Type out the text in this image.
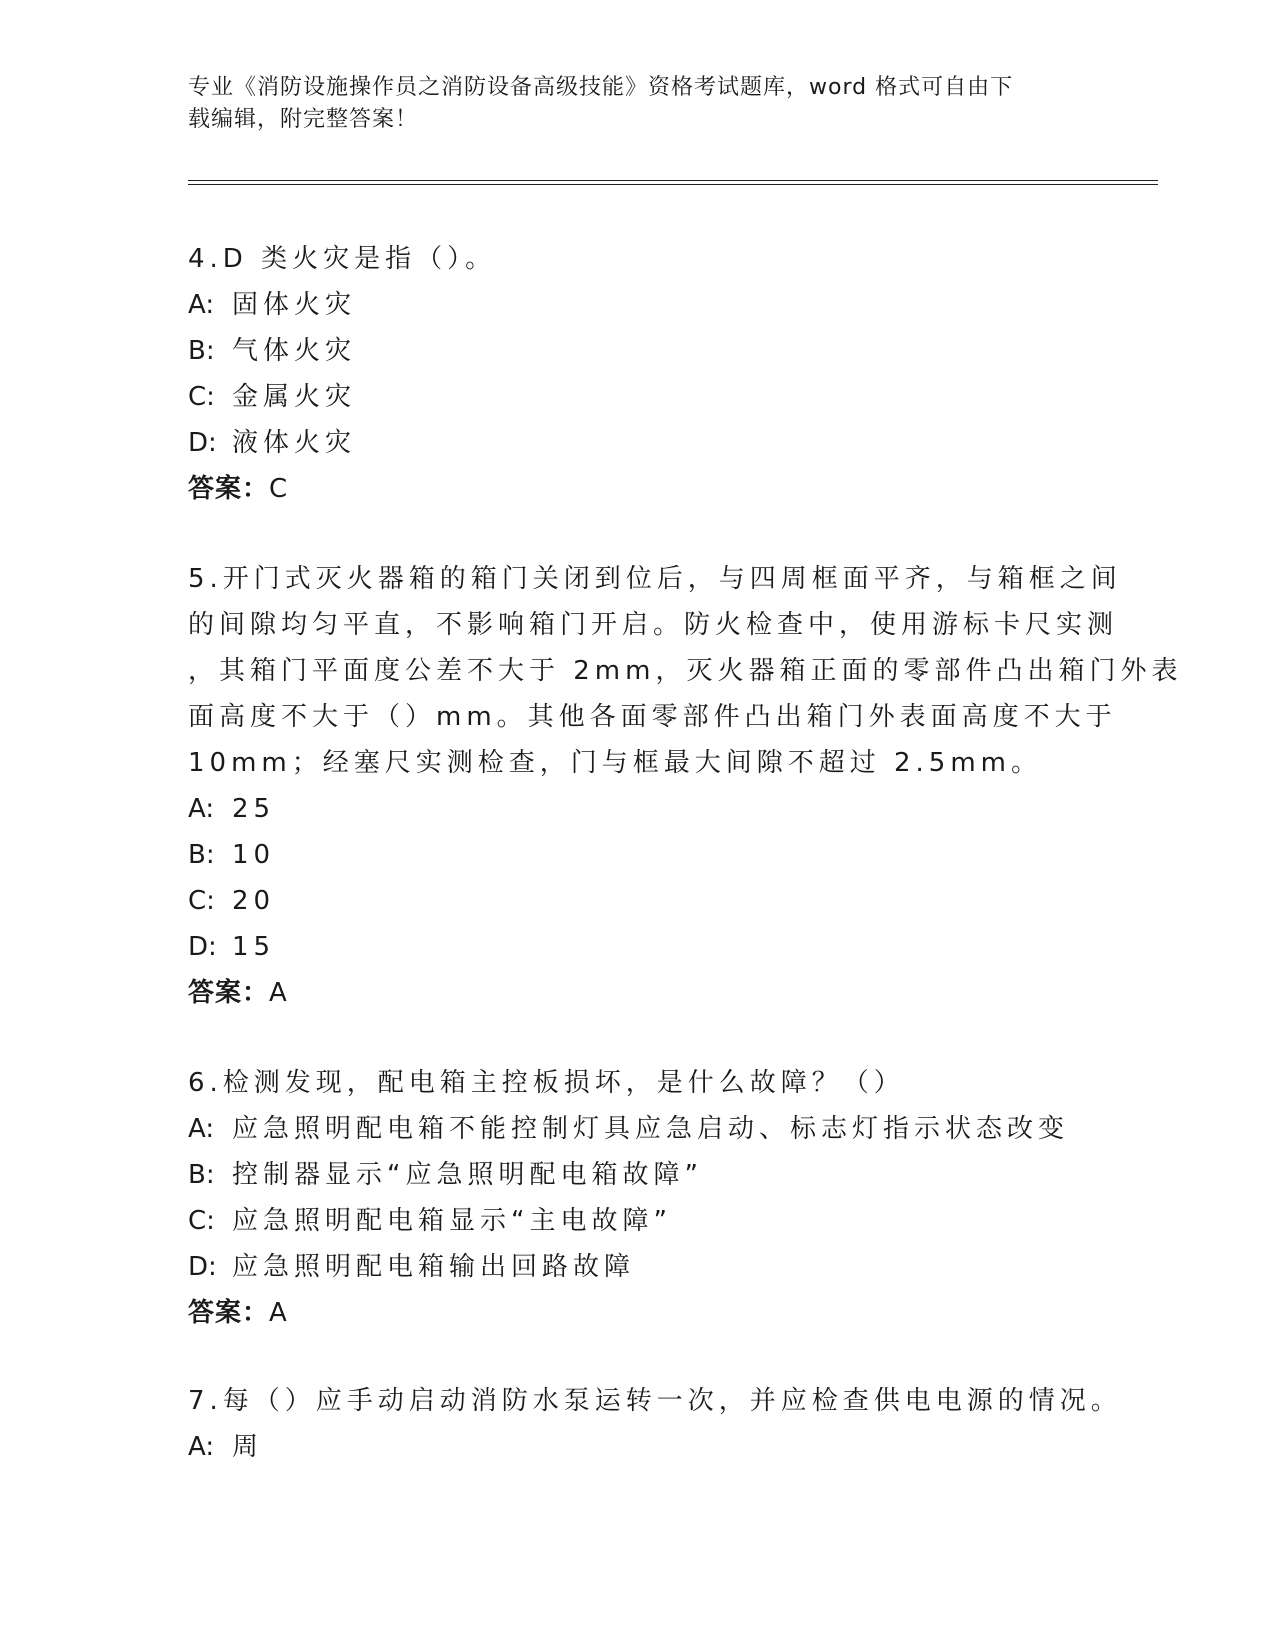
专业《消防设施操作员之消防设备高级技能》资格考试题库，word 格式可自由下
载编辑，附完整答案！
4.D 类火灾是指（）。
A: 固体火灾
B: 气体火灾
C: 金属火灾
D: 液体火灾
答案：C
5.开门式灭火器箱的箱门关闭到位后，与四周框面平齐，与箱框之间
的间隙均匀平直，不影响箱门开启。防火检查中，使用游标卡尺实测
，其箱门平面度公差不大于 2mm，灭火器箱正面的零部件凸出箱门外表
面高度不大于（）mm。其他各面零部件凸出箱门外表面高度不大于
10mm；经塞尺实测检查，门与框最大间隙不超过 2.5mm。
A: 25
B: 10
C: 20
D: 15
答案：A
6.检测发现，配电箱主控板损坏，是什么故障？（）
A: 应急照明配电箱不能控制灯具应急启动、标志灯指示状态改变
B: 控制器显示“应急照明配电箱故障”
C: 应急照明配电箱显示“主电故障”
D: 应急照明配电箱输出回路故障
答案：A
7.每（）应手动启动消防水泵运转一次，并应检查供电电源的情况。
A: 周
